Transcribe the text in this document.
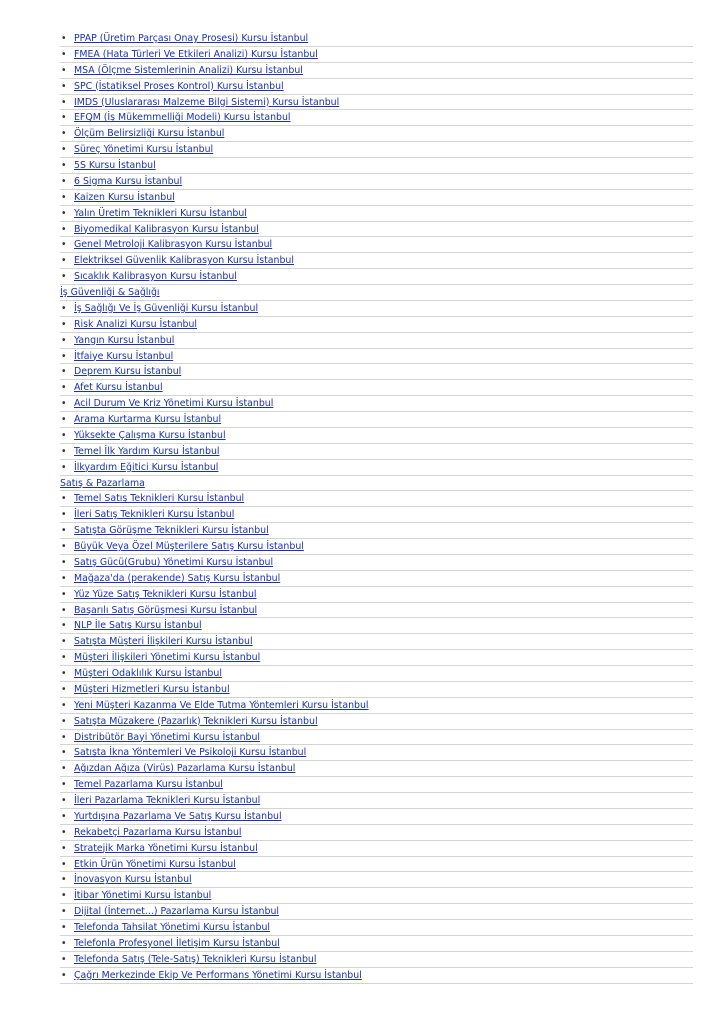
• PPAP (Üretim Parçası Onay Prosesi) Kursu İstanbul
• FMEA (Hata Türleri Ve Etkileri Analizi) Kursu İstanbul
• MSA (Ölçme Sistemlerinin Analizi) Kursu İstanbul
• SPC (İstatiksel Proses Kontrol) Kursu İstanbul
• IMDS (Uluslararası Malzeme Bilgi Sistemi) Kursu İstanbul
• EFQM (İş Mükemmelliği Modeli) Kursu İstanbul
• Ölçüm Belirsizliği Kursu İstanbul
• Süreç Yönetimi Kursu İstanbul
• 5S Kursu İstanbul
• 6 Sigma Kursu İstanbul
• Kaizen Kursu İstanbul
• Yalın Üretim Teknikleri Kursu İstanbul
• Biyomedikal Kalibrasyon Kursu İstanbul
• Genel Metroloji Kalibrasyon Kursu İstanbul
• Elektriksel Güvenlik Kalibrasyon Kursu İstanbul
• Sıcaklık Kalibrasyon Kursu İstanbul
İş Güvenliği & Sağlığı
• İş Sağlığı Ve İş Güvenliği Kursu İstanbul
• Risk Analizi Kursu İstanbul
• Yangın Kursu İstanbul
• İtfaiye Kursu İstanbul
• Deprem Kursu İstanbul
• Afet Kursu İstanbul
• Acil Durum Ve Kriz Yönetimi Kursu İstanbul
• Arama Kurtarma Kursu İstanbul
• Yüksekte Çalışma Kursu İstanbul
• Temel İlk Yardım Kursu İstanbul
• İlkyardım Eğitici Kursu İstanbul
Satış & Pazarlama
• Temel Satış Teknikleri Kursu İstanbul
• İleri Satış Teknikleri Kursu İstanbul
• Satışta Görüşme Teknikleri Kursu İstanbul
• Büyük Veya Özel Müşterilere Satış Kursu İstanbul
• Satış Gücü(Grubu) Yönetimi Kursu İstanbul
• Mağaza'da (perakende) Satış Kursu İstanbul
• Yüz Yüze Satış Teknikleri Kursu İstanbul
• Başarılı Satış Görüşmesi Kursu İstanbul
• NLP İle Satış Kursu İstanbul
• Satışta Müşteri İlişkileri Kursu İstanbul
• Müşteri İlişkileri Yönetimi Kursu İstanbul
• Müşteri Odaklılık Kursu İstanbul
• Müşteri Hizmetleri Kursu İstanbul
• Yeni Müşteri Kazanma Ve Elde Tutma Yöntemleri Kursu İstanbul
• Satışta Müzakere (Pazarlık) Teknikleri Kursu İstanbul
• Distribütör Bayi Yönetimi Kursu İstanbul
• Satışta İkna Yöntemleri Ve Psikoloji Kursu İstanbul
• Ağızdan Ağıza (Virüs) Pazarlama Kursu İstanbul
• Temel Pazarlama Kursu İstanbul
• İleri Pazarlama Teknikleri Kursu İstanbul
• Yurtdışına Pazarlama Ve Satış Kursu İstanbul
• Rekabetçi Pazarlama Kursu İstanbul
• Stratejik Marka Yönetimi Kursu İstanbul
• Etkin Ürün Yönetimi Kursu İstanbul
• İnovasyon Kursu İstanbul
• İtibar Yönetimi Kursu İstanbul
• Dijital (İnternet...) Pazarlama Kursu İstanbul
• Telefonda Tahsilat Yönetimi Kursu İstanbul
• Telefonla Profesyonel İletişim Kursu İstanbul
• Telefonda Satış (Tele-Satış) Teknikleri Kursu İstanbul
• Çağrı Merkezinde Ekip Ve Performans Yönetimi Kursu İstanbul
